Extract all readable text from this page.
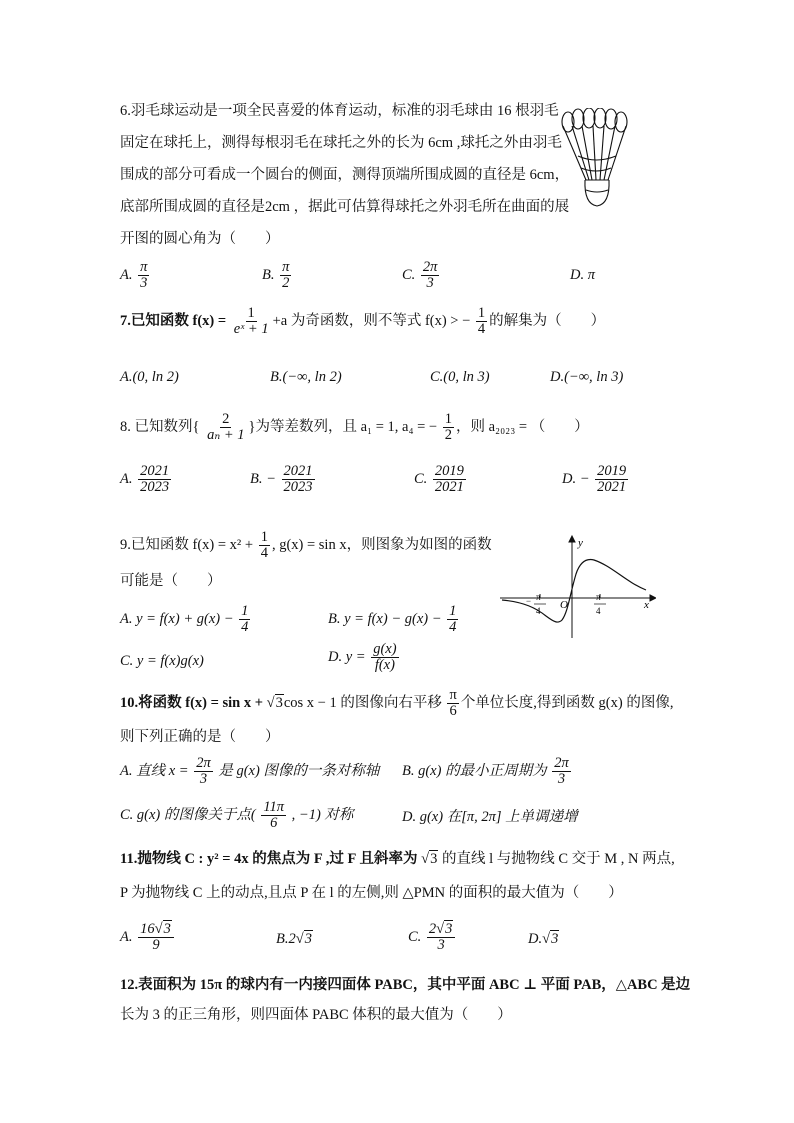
6.羽毛球运动是一项全民喜爱的体育运动，标准的羽毛球由 16 根羽毛
固定在球托上，测得每根羽毛在球托之外的长为 6cm ,球托之外由羽毛
围成的部分可看成一个圆台的侧面，测得顶端所围成圆的直径是 6cm，
底部所围成圆的直径是2cm ，据此可估算得球托之外羽毛所在曲面的展
开图的圆心角为（　　）
A. $\frac{\pi}{3}$	B. $\frac{\pi}{2}$	C. $\frac{2\pi}{3}$	D. π
7.已知函数 $f(x) = \frac{1}{\text{eˣ + 1}} +a$ 为奇函数，则不等式 f(x) > − $\frac{1}{4}$ 的解集为（　　）
A.(0, ln 2)	B.(−∞, ln 2)	C.(0, ln 3)	D.(−∞, ln 3)
8. 已知数列{ $\frac{2}{\text{aₙ + 1}}$ }为等差数列，且 a₁ = 1, a₄ = − $\frac{1}{2}$ ，则 a₂₀₂₃ = （　　）
A. $\frac{2021}{2023}$	B. − $\frac{2021}{2023}$	C. $\frac{2019}{2021}$	D. − $\frac{2019}{2021}$
9.已知函数 $f(x) = x^2 + \frac{1}{4}$ , g(x) = sin x，则图象为如图的函数
可能是（　　）
y
x
O
− π
4
π
4
A. $y = f(x) + g(x) - \frac{1}{4}$	B. $y = f(x) - g(x) - \frac{1}{4}$
C. y = f(x)g(x)	D. $y = \frac{g(x)}{f(x)}$
10.将函数 f(x) = sin x + √3cos x − 1 的图像向右平移 $\frac{\pi}{6}$ 个单位长度,得到函数 g(x) 的图像,
则下列正确的是（　　）
A. 直线 $x = \frac{2\pi}{3}$ 是 g(x) 图像的一条对称轴 B. g(x) 的最小正周期为 $\frac{2\pi}{3}$
C. g(x) 的图像关于点( $\frac{11\pi}{6}$ , −1) 对称	D. g(x) 在[π, 2π] 上单调递增
11.抛物线 C : y² = 4x 的焦点为 F ,过 F 且斜率为 √3 的直线 l 与抛物线 C 交于 M , N 两点,
P 为抛物线 C 上的动点,且点 P 在 l 的左侧,则 △PMN 的面积的最大值为（　　）
A. $\frac{16√3}{9}$	B.2√3	C. $\frac{2√3}{3}$	D.√3
12.表面积为 15π 的球内有一内接四面体 PABC，其中平面 ABC ⊥ 平面 PAB，△ABC 是边
长为 3 的正三角形，则四面体 PABC 体积的最大值为（　　）
